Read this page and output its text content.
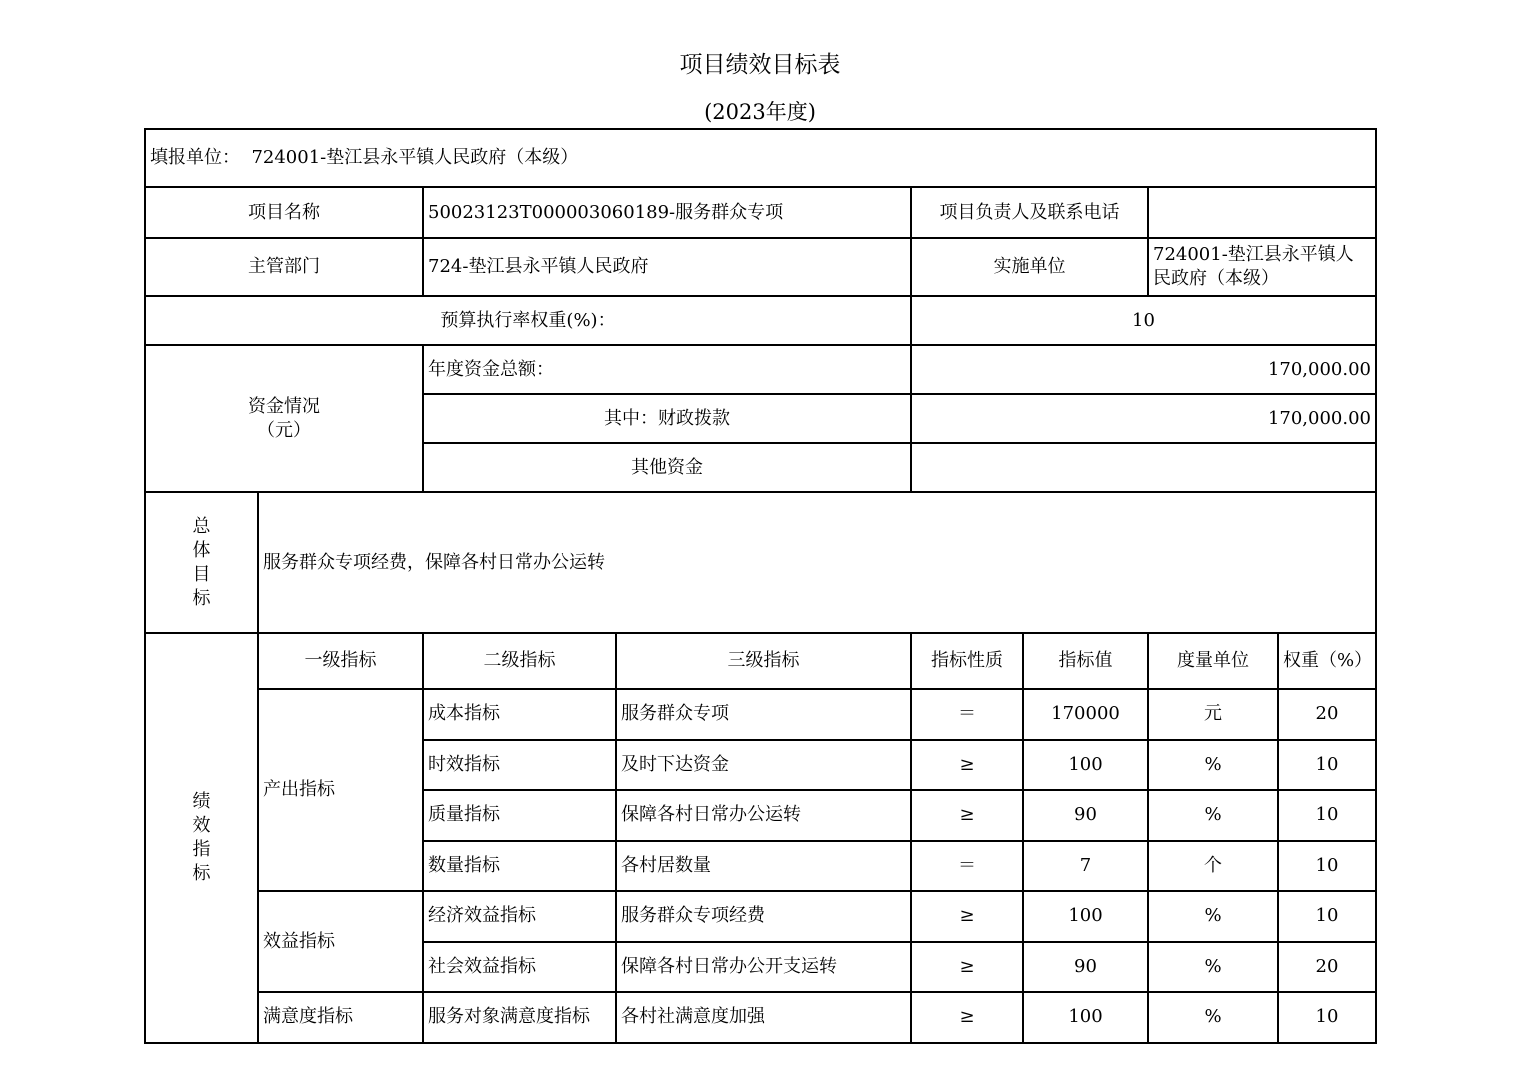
项目绩效目标表
(2023年度)
填报单位： 724001-垫江县永平镇人民政府（本级）							
项目名称		50023123T000003060189-服务群众专项		项目负责人及联系电话			
主管部门		724-垫江县永平镇人民政府		实施单位		724001-垫江县永平镇人民政府（本级）	
预算执行率权重(%)：				10			

资金情况
（元）		年度资金总额：		170,000.00			
		其中：财政拨款		170,000.00			
		其他资金					

总
体
目
标	服务群众专项经费，保障各村日常办公运转						

绩
效
指
标	一级指标	二级指标	三级指标	指标性质	指标值	度量单位	权重（%）
	产出指标	成本指标	服务群众专项	＝	170000	元	20
		时效指标	及时下达资金	≥	100	%	10
		质量指标	保障各村日常办公运转	≥	90	%	10
		数量指标	各村居数量	＝	7	个	10
	效益指标	经济效益指标	服务群众专项经费	≥	100	%	10
		社会效益指标	保障各村日常办公开支运转	≥	90	%	20
	满意度指标	服务对象满意度指标	各村社满意度加强	≥	100	%	10
